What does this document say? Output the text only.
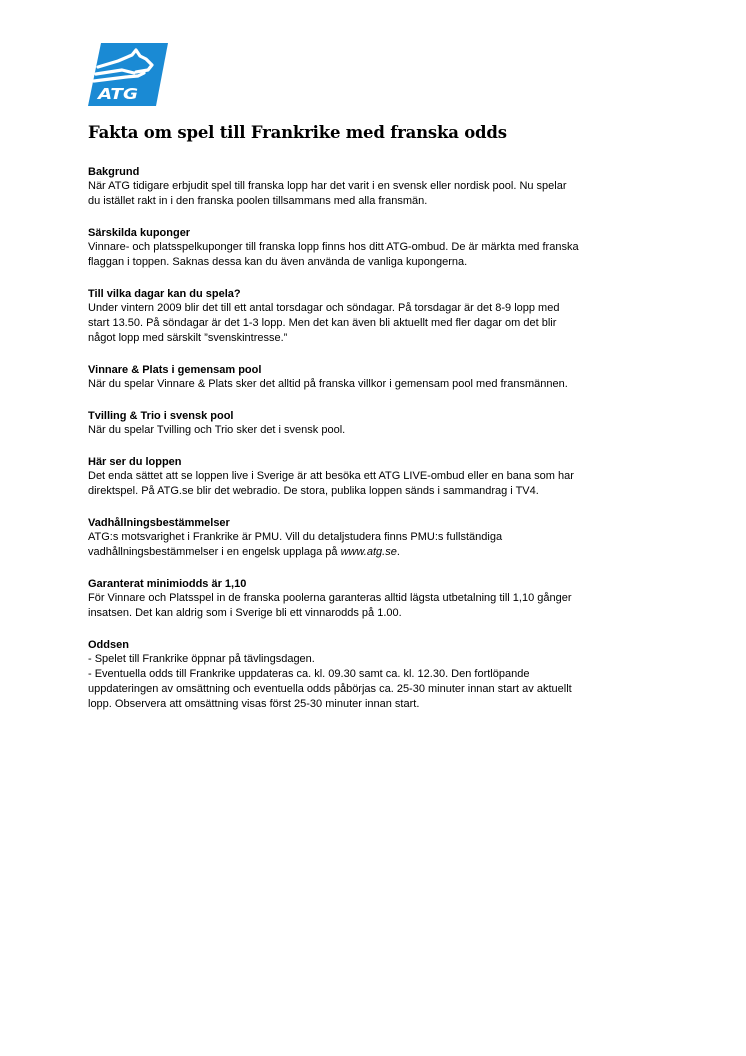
ATG
Fakta om spel till Frankrike med franska odds
Bakgrund

När ATG tidigare erbjudit spel till franska lopp har det varit i en svensk eller nordisk pool. Nu spelar
du istället rakt in i den franska poolen tillsammans med alla fransmän.

Särskilda kuponger

Vinnare- och platsspelkuponger till franska lopp finns hos ditt ATG-ombud. De är märkta med franska
flaggan i toppen. Saknas dessa kan du även använda de vanliga kupongerna.

Till vilka dagar kan du spela?

Under vintern 2009 blir det till ett antal torsdagar och söndagar. På torsdagar är det 8-9 lopp med
start 13.50. På söndagar är det 1-3 lopp. Men det kan även bli aktuellt med fler dagar om det blir
något lopp med särskilt ”svenskintresse.”

Vinnare & Plats i gemensam pool

När du spelar Vinnare & Plats sker det alltid på franska villkor i gemensam pool med fransmännen.

Tvilling & Trio i svensk pool

När du spelar Tvilling och Trio sker det i svensk pool.

Här ser du loppen

Det enda sättet att se loppen live i Sverige är att besöka ett ATG LIVE-ombud eller en bana som har
direktspel. På ATG.se blir det webradio. De stora, publika loppen sänds i sammandrag i TV4.

Vadhållningsbestämmelser

ATG:s motsvarighet i Frankrike är PMU. Vill du detaljstudera finns PMU:s fullständiga
vadhållningsbestämmelser i en engelsk upplaga på www.atg.se.

Garanterat minimiodds är 1,10

För Vinnare och Platsspel in de franska poolerna garanteras alltid lägsta utbetalning till 1,10 gånger
insatsen. Det kan aldrig som i Sverige bli ett vinnarodds på 1.00.

Oddsen

- Spelet till Frankrike öppnar på tävlingsdagen.
- Eventuella odds till Frankrike uppdateras ca. kl. 09.30 samt ca. kl. 12.30. Den fortlöpande
uppdateringen av omsättning och eventuella odds påbörjas ca. 25-30 minuter innan start av aktuellt
lopp. Observera att omsättning visas först 25-30 minuter innan start.
